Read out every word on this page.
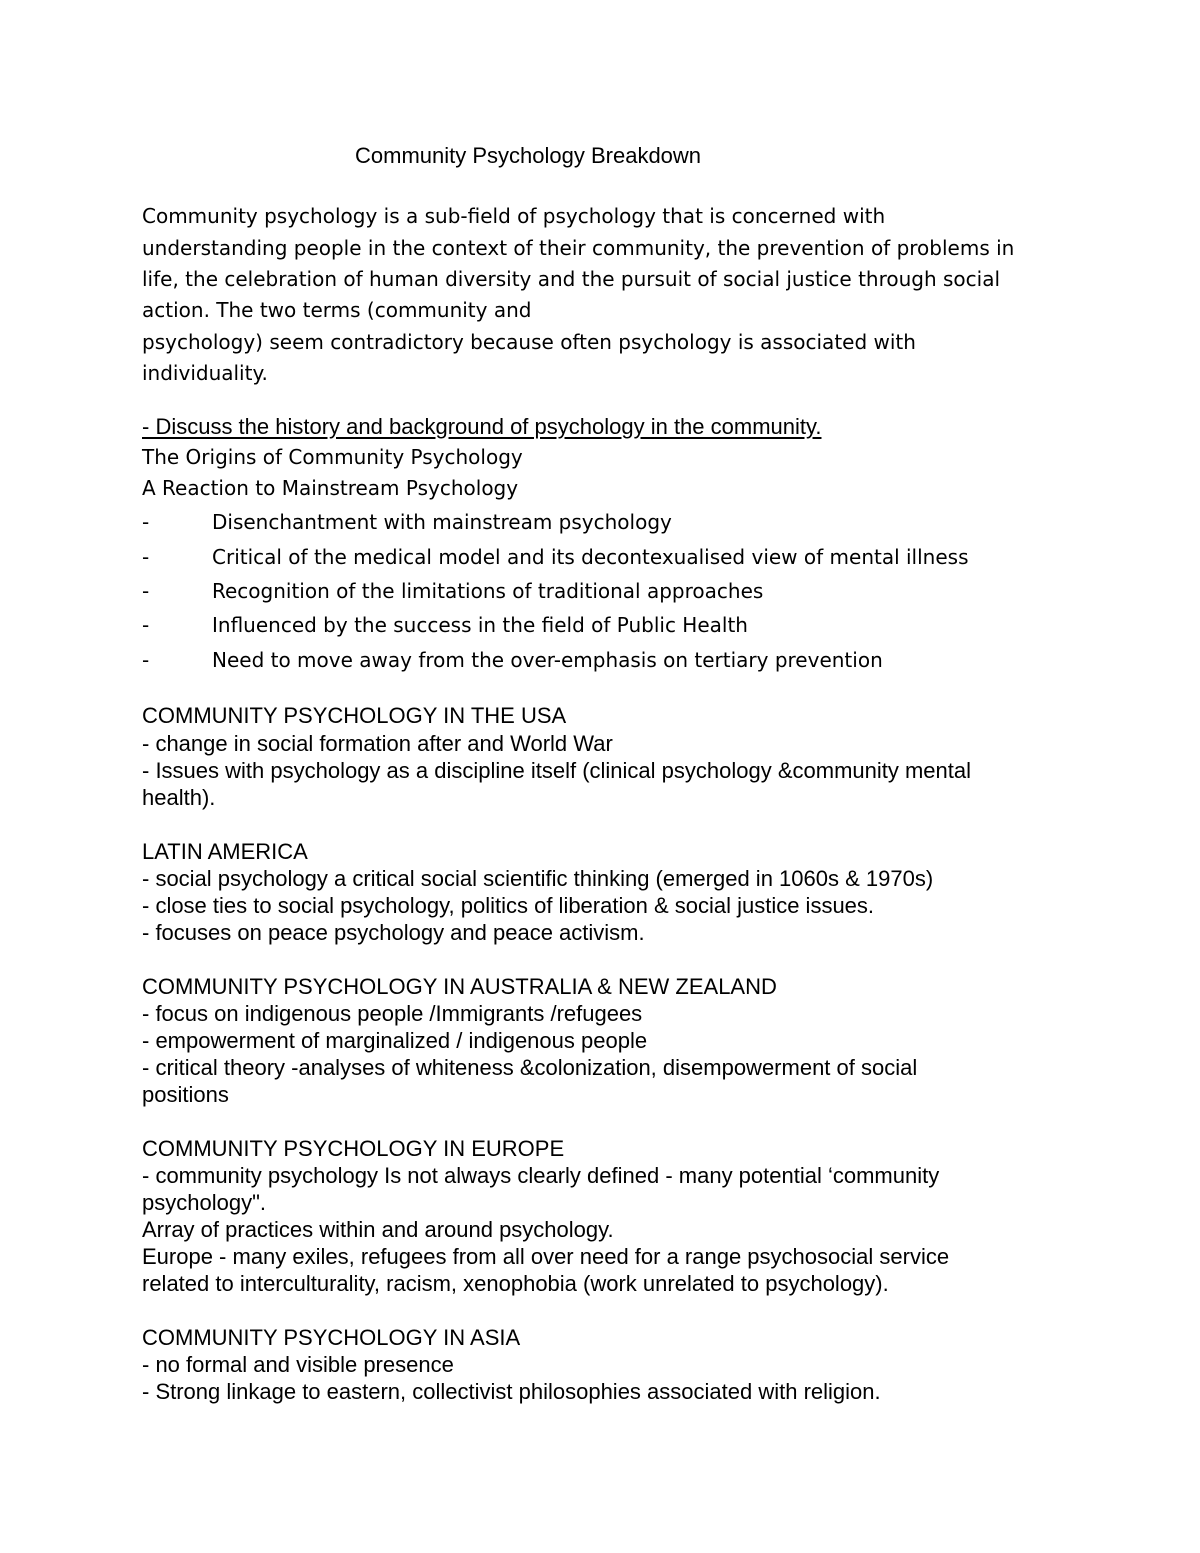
Community Psychology Breakdown
Community psychology is a sub-field of psychology that is concerned with
understanding people in the context of their community, the prevention of problems in
life, the celebration of human diversity and the pursuit of social justice through social
action. The two terms (community and
psychology) seem contradictory because often psychology is associated with
individuality.
- Discuss the history and background of psychology in the community.
The Origins of Community Psychology
A Reaction to Mainstream Psychology
-	Disenchantment with mainstream psychology
-	Critical of the medical model and its decontexualised view of mental illness
-	Recognition of the limitations of traditional approaches
-	Influenced by the success in the field of Public Health
-	Need to move away from the over-emphasis on tertiary prevention
COMMUNITY PSYCHOLOGY IN THE USA
- change in social formation after and World War
- Issues with psychology as a discipline itself (clinical psychology &community mental
health).
LATIN AMERICA
- social psychology a critical social scientific thinking (emerged in 1060s & 1970s)
- close ties to social psychology, politics of liberation & social justice issues.
- focuses on peace psychology and peace activism.
COMMUNITY PSYCHOLOGY IN AUSTRALIA & NEW ZEALAND
- focus on indigenous people /Immigrants /refugees
- empowerment of marginalized / indigenous people
- critical theory -analyses of whiteness &colonization, disempowerment of social
positions
COMMUNITY PSYCHOLOGY IN EUROPE
- community psychology Is not always clearly defined - many potential ‘community
psychology".
Array of practices within and around psychology.
Europe - many exiles, refugees from all over need for a range psychosocial service
related to interculturality, racism, xenophobia (work unrelated to psychology).
COMMUNITY PSYCHOLOGY IN ASIA
- no formal and visible presence
- Strong linkage to eastern, collectivist philosophies associated with religion.
